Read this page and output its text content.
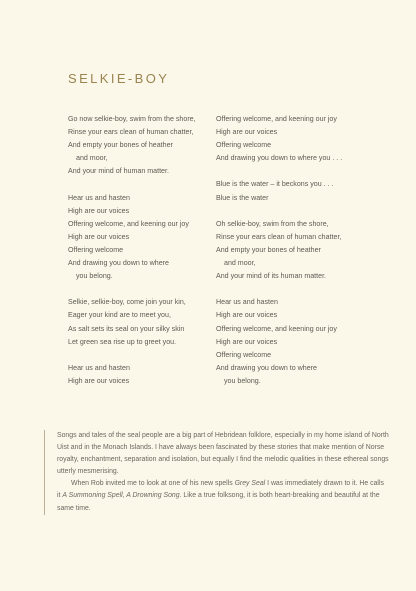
SELKIE-BOY
Go now selkie-boy, swim from the shore,
Rinse your ears clean of human chatter,
And empty your bones of heather
and moor,
And your mind of human matter.
Hear us and hasten
High are our voices
Offering welcome, and keening our joy
High are our voices
Offering welcome
And drawing you down to where
you belong.
Selkie, selkie-boy, come join your kin,
Eager your kind are to meet you,
As salt sets its seal on your silky skin
Let green sea rise up to greet you.
Hear us and hasten
High are our voices
Offering welcome, and keening our joy
High are our voices
Offering welcome
And drawing you down to where you . . .
Blue is the water – it beckons you . . .
Blue is the water
Oh selkie-boy, swim from the shore,
Rinse your ears clean of human chatter,
And empty your bones of heather
and moor,
And your mind of its human matter.
Hear us and hasten
High are our voices
Offering welcome, and keening our joy
High are our voices
Offering welcome
And drawing you down to where
you belong.

Songs and tales of the seal people are a big part of Hebridean folklore, especially in my home island of North Uist and in the Monach Islands. I have always been fascinated by these stories that make mention of Norse royalty, enchantment, separation and isolation, but equally I find the melodic qualities in these ethereal songs utterly mesmerising.

When Rob invited me to look at one of his new spells Grey Seal I was immediately drawn to it. He calls it A Summoning Spell, A Drowning Song. Like a true folksong, it is both heart-breaking and beautiful at the same time.
